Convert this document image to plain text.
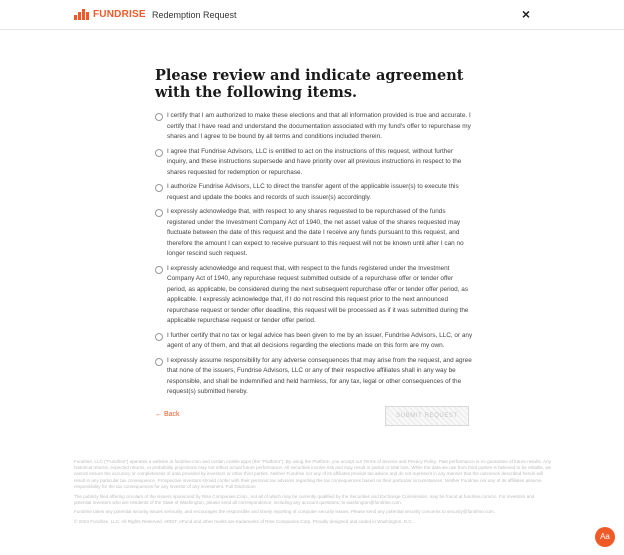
FUNDRISE Redemption Request	×
Please review and indicate agreement with the following items.
I certify that I am authorized to make these elections and that all information provided is true and accurate. I certify that I have read and understand the documentation associated with my fund's offer to repurchase my shares and I agree to be bound by all terms and conditions included therein.
I agree that Fundrise Advisors, LLC is entitled to act on the instructions of this request, without further inquiry, and these instructions supersede and have priority over all previous instructions in respect to the shares requested for redemption or repurchase.
I authorize Fundrise Advisors, LLC to direct the transfer agent of the applicable issuer(s) to execute this request and update the books and records of such issuer(s) accordingly.
I expressly acknowledge that, with respect to any shares requested to be repurchased of the funds registered under the Investment Company Act of 1940, the net asset value of the shares requested may fluctuate between the date of this request and the date I receive any funds pursuant to this request, and therefore the amount I can expect to receive pursuant to this request will not be known until after I can no longer rescind such request.
I expressly acknowledge and request that, with respect to the funds registered under the Investment Company Act of 1940, any repurchase request submitted outside of a repurchase offer or tender offer period, as applicable, be considered during the next subsequent repurchase offer or tender offer period, as applicable. I expressly acknowledge that, if I do not rescind this request prior to the next announced repurchase request or tender offer deadline, this request will be processed as if it was submitted during the applicable repurchase request or tender offer period.
I further certify that no tax or legal advice has been given to me by an issuer, Fundrise Advisors, LLC, or any agent of any of them, and that all decisions regarding the elections made on this form are my own.
I expressly assume responsibility for any adverse consequences that may arise from the request, and agree that none of the issuers, Fundrise Advisors, LLC or any of their respective affiliates shall in any way be responsible, and shall be indemnified and held harmless, for any tax, legal or other consequences of the request(s) submitted hereby.
← Back	SUBMIT REQUEST

Fundrise, LLC ("Fundrise") operates a website at fundrise.com and certain mobile apps (the "Platform"). By using the Platform, you accept our Terms of Service and Privacy Policy. Past performance is no guarantee of future results. Any historical returns, expected returns, or probability projections may not reflect actual future performance. All securities involve risk and may result in partial or total loss. While the data we use from third parties is believed to be reliable, we cannot ensure the accuracy or completeness of data provided by investors or other third parties. Neither Fundrise nor any of its affiliates provide tax advice and do not represent in any manner that the outcomes described herein will result in any particular tax consequence. Prospective investors should confer with their personal tax advisors regarding the tax consequences based on their particular circumstances. Neither Fundrise nor any of its affiliates assume responsibility for the tax consequences for any investor of any investment. Full Disclosure

The publicly filed offering circulars of the issuers sponsored by Rise Companies Corp., not all of which may be currently qualified by the Securities and Exchange Commission, may be found at fundrise.com/oc. For investors and potential investors who are residents of the State of Washington, please send all correspondence, including any account questions, to washington@fundrise.com.

Fundrise takes any potential security issues seriously, and encourages the responsible and timely reporting of computer security issues. Please send any potential security concerns to security@fundrise.com.

© 2024 Fundrise, LLC. All Rights Reserved. eREIT, eFund and other marks are trademarks of Rise Companies Corp. Proudly designed and coded in Washington, D.C.

Aa
